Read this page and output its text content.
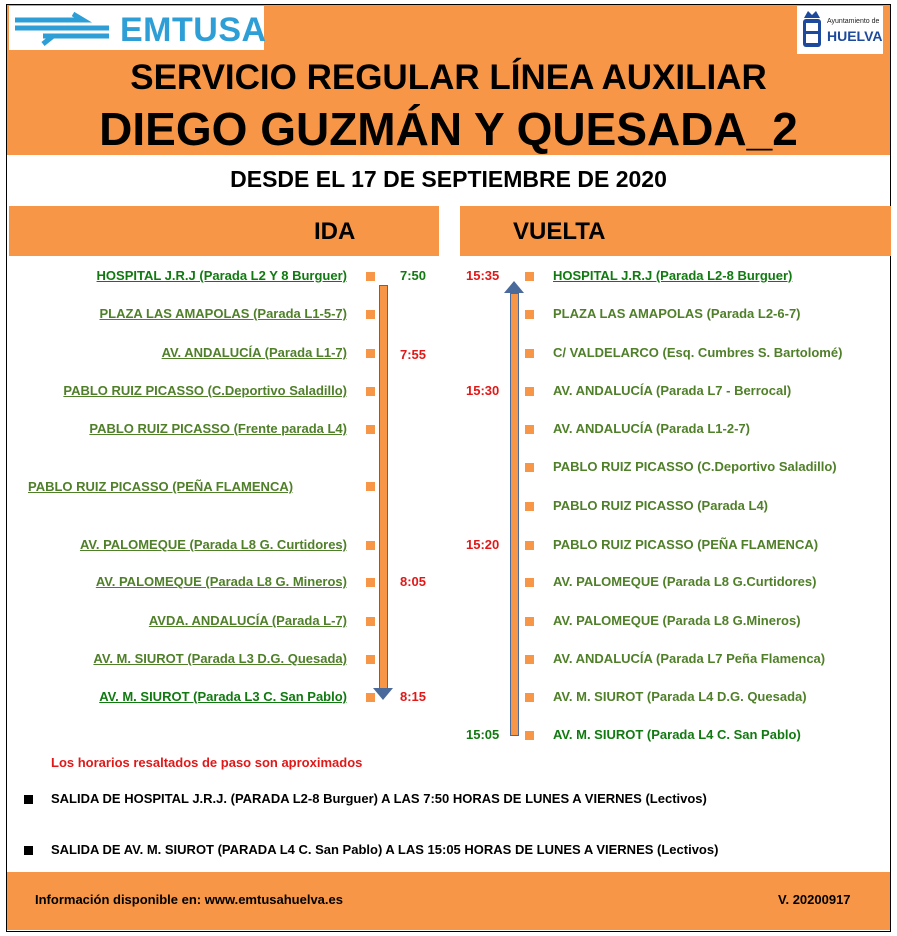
EMTUSA	Ayuntamiento de
HUELVA
SERVICIO REGULAR LÍNEA AUXILIAR
DIEGO GUZMÁN Y QUESADA_2
DESDE EL 17 DE SEPTIEMBRE DE 2020
IDA	VUELTA
HOSPITAL J.R.J (Parada L2 Y 8 Burguer)	7:50
PLAZA LAS AMAPOLAS (Parada L1-5-7)
AV. ANDALUCÍA (Parada L1-7)	7:55
PABLO RUIZ PICASSO (C.Deportivo Saladillo)
PABLO RUIZ PICASSO (Frente parada L4)
PABLO RUIZ PICASSO (PEÑA FLAMENCA)
AV. PALOMEQUE (Parada L8 G. Curtidores)
AV. PALOMEQUE (Parada L8 G. Mineros)	8:05
AVDA. ANDALUCÍA (Parada L-7)
AV. M. SIUROT (Parada L3 D.G. Quesada)
AV. M. SIUROT (Parada L3 C. San Pablo)	8:15
15:35	HOSPITAL J.R.J (Parada L2-8 Burguer)
PLAZA LAS AMAPOLAS (Parada L2-6-7)
C/ VALDELARCO (Esq. Cumbres S. Bartolomé)
15:30	AV. ANDALUCÍA (Parada L7 - Berrocal)
AV. ANDALUCÍA (Parada L1-2-7)
PABLO RUIZ PICASSO (C.Deportivo Saladillo)
PABLO RUIZ PICASSO (Parada L4)
15:20	PABLO RUIZ PICASSO (PEÑA FLAMENCA)
AV. PALOMEQUE (Parada L8 G.Curtidores)
AV. PALOMEQUE (Parada L8 G.Mineros)
AV. ANDALUCÍA (Parada L7 Peña Flamenca)
AV. M. SIUROT (Parada L4 D.G. Quesada)
15:05	AV. M. SIUROT (Parada L4 C. San Pablo)
Los horarios resaltados de paso son aproximados
SALIDA DE HOSPITAL J.R.J. (PARADA L2-8 Burguer) A LAS 7:50 HORAS DE LUNES A VIERNES (Lectivos)
SALIDA DE AV. M. SIUROT (PARADA L4 C. San Pablo) A LAS 15:05 HORAS DE LUNES A VIERNES (Lectivos)
Información disponible en: www.emtusahuelva.es	V. 20200917
